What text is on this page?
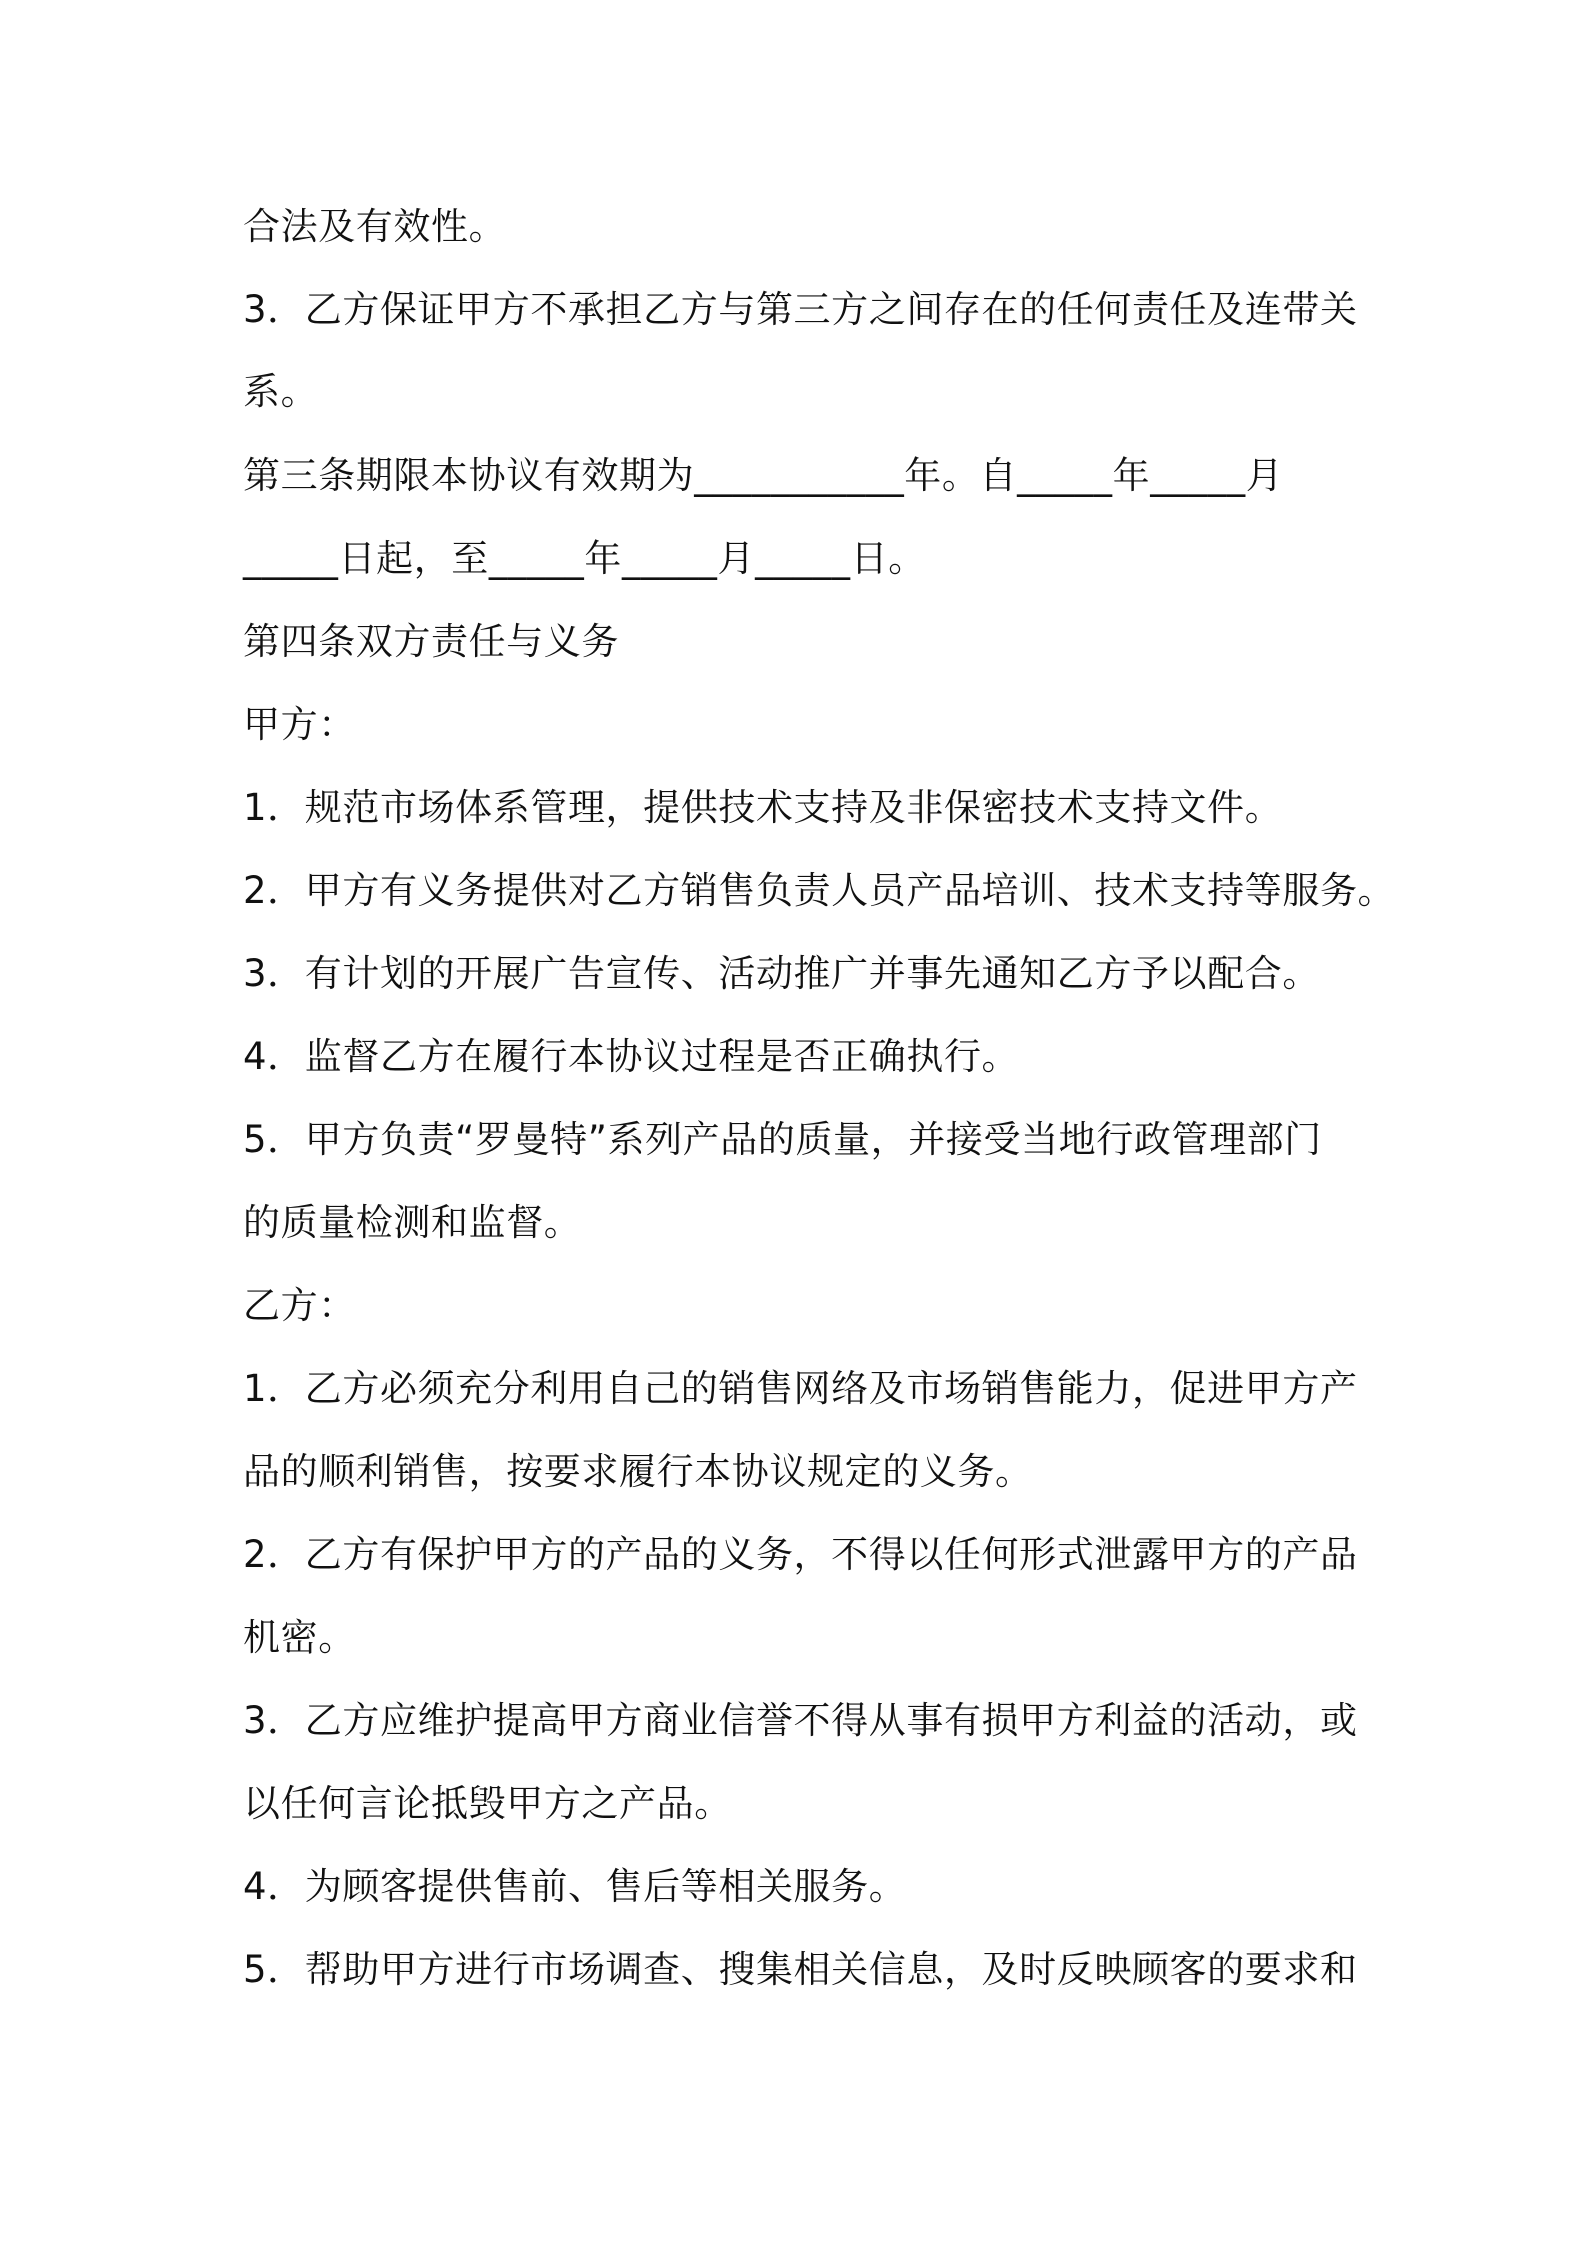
合法及有效性。
3．乙方保证甲方不承担乙方与第三方之间存在的任何责任及连带关
系。
第三条期限本协议有效期为___________年。自_____年_____月
_____日起，至_____年_____月_____日。
第四条双方责任与义务
甲方：
1．规范市场体系管理，提供技术支持及非保密技术支持文件。
2．甲方有义务提供对乙方销售负责人员产品培训、技术支持等服务。
3．有计划的开展广告宣传、活动推广并事先通知乙方予以配合。
4．监督乙方在履行本协议过程是否正确执行。
5．甲方负责“罗曼特”系列产品的质量，并接受当地行政管理部门
的质量检测和监督。
乙方：
1．乙方必须充分利用自己的销售网络及市场销售能力，促进甲方产
品的顺利销售，按要求履行本协议规定的义务。
2．乙方有保护甲方的产品的义务，不得以任何形式泄露甲方的产品
机密。
3．乙方应维护提高甲方商业信誉不得从事有损甲方利益的活动，或
以任何言论抵毁甲方之产品。
4．为顾客提供售前、售后等相关服务。
5．帮助甲方进行市场调查、搜集相关信息，及时反映顾客的要求和
